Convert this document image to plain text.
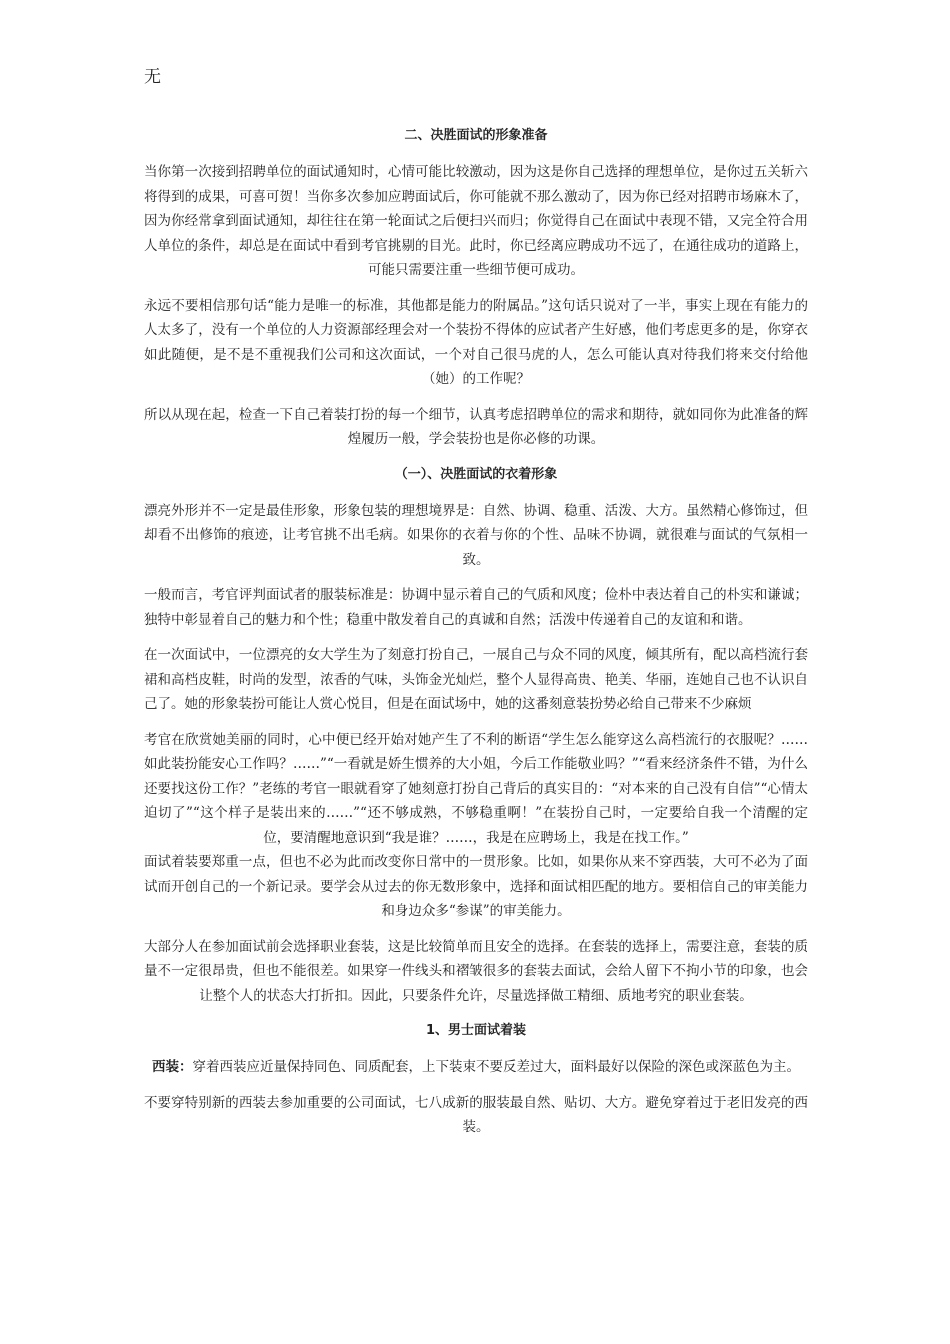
无
二、决胜面试的形象准备

当你第一次接到招聘单位的面试通知时，心情可能比较激动，因为这是你自己选择的理想单位，是你过五关斩六将得到的成果，可喜可贺！当你多次参加应聘面试后，你可能就不那么激动了，因为你已经对招聘市场麻木了，因为你经常拿到面试通知，却往往在第一轮面试之后便扫兴而归；你觉得自己在面试中表现不错，又完全符合用人单位的条件，却总是在面试中看到考官挑剔的目光。此时，你已经离应聘成功不远了，在通往成功的道路上，可能只需要注重一些细节便可成功。

永远不要相信那句话“能力是唯一的标准，其他都是能力的附属品。”这句话只说对了一半，事实上现在有能力的人太多了，没有一个单位的人力资源部经理会对一个装扮不得体的应试者产生好感，他们考虑更多的是，你穿衣如此随便，是不是不重视我们公司和这次面试，一个对自己很马虎的人，怎么可能认真对待我们将来交付给他（她）的工作呢？

所以从现在起，检查一下自己着装打扮的每一个细节，认真考虑招聘单位的需求和期待，就如同你为此准备的辉煌履历一般，学会装扮也是你必修的功课。

（一）、决胜面试的衣着形象

漂亮外形并不一定是最佳形象，形象包装的理想境界是：自然、协调、稳重、活泼、大方。虽然精心修饰过，但却看不出修饰的痕迹，让考官挑不出毛病。如果你的衣着与你的个性、品味不协调，就很难与面试的气氛相一致。

一般而言，考官评判面试者的服装标准是：协调中显示着自己的气质和风度；俭朴中表达着自己的朴实和谦诚；独特中彰显着自己的魅力和个性；稳重中散发着自己的真诚和自然；活泼中传递着自己的友谊和和谐。

在一次面试中，一位漂亮的女大学生为了刻意打扮自己，一展自己与众不同的风度，倾其所有，配以高档流行套裙和高档皮鞋，时尚的发型，浓香的气味，头饰金光灿烂，整个人显得高贵、艳美、华丽，连她自己也不认识自己了。她的形象装扮可能让人赏心悦目，但是在面试场中，她的这番刻意装扮势必给自己带来不少麻烦

考官在欣赏她美丽的同时，心中便已经开始对她产生了不利的断语“学生怎么能穿这么高档流行的衣服呢？……如此装扮能安心工作吗？……”“一看就是娇生惯养的大小姐，今后工作能敬业吗？”“看来经济条件不错，为什么还要找这份工作？”老练的考官一眼就看穿了她刻意打扮自己背后的真实目的：“对本来的自己没有自信”“心情太迫切了”“这个样子是装出来的……”“还不够成熟，不够稳重啊！”在装扮自己时，一定要给自我一个清醒的定位，要清醒地意识到“我是谁？……，我是在应聘场上，我是在找工作。”

面试着装要郑重一点，但也不必为此而改变你日常中的一贯形象。比如，如果你从来不穿西装，大可不必为了面试而开创自己的一个新记录。要学会从过去的你无数形象中，选择和面试相匹配的地方。要相信自己的审美能力和身边众多“参谋”的审美能力。

大部分人在参加面试前会选择职业套装，这是比较简单而且安全的选择。在套装的选择上，需要注意，套装的质量不一定很昂贵，但也不能很差。如果穿一件线头和褶皱很多的套装去面试，会给人留下不拘小节的印象，也会让整个人的状态大打折扣。因此，只要条件允许，尽量选择做工精细、质地考究的职业套装。

1、男士面试着装

西装：穿着西装应近量保持同色、同质配套，上下装束不要反差过大，面料最好以保险的深色或深蓝色为主。

不要穿特别新的西装去参加重要的公司面试，七八成新的服装最自然、贴切、大方。避免穿着过于老旧发亮的西装。
